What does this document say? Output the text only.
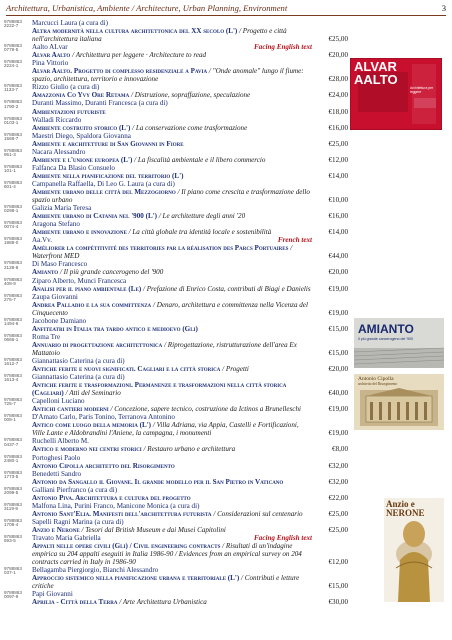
Architettura, Urbanistica, Ambiente / Architecture, Urban Planning, Environment	3
9788863
2222-7	Marcucci Laura (a cura di)
Altra modernità nella cultura architettonica del XX secolo (L') / Progetto e città nell'architettura italiana	€25,00
9788863
0778-5	Facing English text
Aalto ALvar
Alvar Aalto / Architettura per leggere · Architecture to read	€20,00
9788863
2224-1	Pina Vittorio
Alvar Aalto. Progetto di complesso residenziale a Pavia / "Onde anomale" lungo il fiume: spazio, architettura, territorio e innovazione	€28,00
9788863
1133-7	Rizzo Giulio (a cura di)
Amazzonia Co Yvy Ore Retama / Distruzione, sopraffazione, speculazione	€24,00
9788863
1790-2	Duranti Massimo, Duranti Francesca (a cura di)
Ambientazioni futuriste	€18,00
9788863
0103-1	Walladi Riccardo
Ambiente costruito storico (L') / La conservazione come trasformazione	€16,00
9788863
1568-7	Maestri Diego, Spaldora Giovanna
Ambiente e architetture di San Giovanni in Fiore	€25,00
9788863
951-3	Nacara Alessandro
Ambiente e l'unione europea (L') / La fiscalità ambientale e il libero commercio	€12,00
9788863
101-1	Falfanca Da Blasio Consuelo
Ambiente nella pianificazione del territorio (L')	€14,00
9788863
601-4	Campanella Raffaella, Di Leo G. Laura (a cura di)
Ambiente urbano delle città del Mezzogiorno / Il piano come crescita e trasformazione dello spazio urbano	€10,00
9788863
0298-1	Galizia Maria Teresa
Ambiente urbano di Catania nel '900 (L') / Le architetture degli anni '20	€16,00
9788863
0074-4	Aragona Stefano
Ambiente urbano e innovazione / La città globale tra identità locale e sostenibilità	€14,00
9788863
1988-0	French text
Aa.Vv.
Améliorer la compétitivité des territories par la réalisation des Parcs Portuaires / Waterfront MED	€44,00
9788863
2128-8	Di Maso Francesco
Amianto / Il più grande cancerogeno del '900	€20,00
9788863
408-9	Ziparo Alberto, Munci Francesca
Analisi per il piano ambientale (Le) / Prefazione di Enrico Costa, contributi di Biagi e Danielis	€19,00
9788863
275-7	Zaupa Giovanni
Andrea Palladio e la sua committenza / Denaro, architettura e committenza nella Vicenza del Cinquecento	€19,00
9788863
1494-6	Jacobone Damiano
Anfiteatri in Italia tra tardo antico e medioevo (Gli)	€15,00
9788863
0666-1	Roma Tre
Annuario di progettazione architettonica / Riprogettazione, ristrutturazione dell'area Ex Mattatoio	€15,00
9788863
1612-7	Giannattasio Caterina (a cura di)
Antiche ferite e nuovi significati. Cagliari e la città storica / Progetti	€20,00
9788863
1613-4	Giannattasio Caterina (a cura di)
Antiche ferite e trasformazioni. Permanenze e trasformazioni nella città storica (Cagliari) / Atti del Seminario	€40,00
9788863
725-7	Capelloni Luciano
Antichi cantieri moderni / Concezione, sapere tecnico, costruzione da Ictinos a Brunelleschi	€19,00
9788863
008-1	D'Amato Carlo, Paris Tonino, Terranova Antonino
Antico come luogo della memoria (L') / Villa Adriana, via Appia, Castelli e Fortificazioni, Ville Lante e Aldobrandini l'Aniene, la campagna, i monumenti	€19,00
9788863
0437-7	Ruchelli Alberto M.
Antico e moderno nei centri storici / Restauro urbano e architettura	€8,00
9788863
2480-1	Portoghesi Paolo
Antonio Cipolla architetto del Risorgimento	€32,00
9788863
1773-5	Benedetti Sandro
Antonio da Sangallo il Giovane. Il grande modello per il San Pietro in Vaticano	€32,00
9788863
2099-5	Galliani Pierfranco (a cura di)
Antonio Piva. Architettura e cultura del progetto	€22,00
9788863
3119-9	Malfona Lina, Purini Franco, Manicone Monica (a cura di)
Antonio Sant'Elia. Manifesti dell'architettura futurista / Considerazioni sul centenario	€25,00
9788863
1708-4	Sapelli Ragni Marina (a cura di)
Anzio e Nerone / Tesori dal British Museum e dai Musei Capitolini	€25,00
9788863
593-5	Facing English text
Travato Maria Gabriella
Appalti nelle opere civili (Gli) / Civil engineering contracts / Risultati di un'indagine empirica su 204 appalti eseguiti in Italia 1986-90 / Evidences from an empirical survey on 204 contracts carried in Italy in 1986-90	€12,00
9788863
037-1	Bellagamba Piergiorgio, Bianchi Alessandro
Approccio sistemico nella pianificazione urbana e territoriale (L') / Contributi e letture critiche	€15,00
9788863
0097-9	Papi Giovanni
Aprilia - Città della Terra / Arte Architettura Urbanistica	€30,00
ALVAR AALTO
Architettura per leggere
AMIANTO
Il più grande cancerogeno del '900
Antonio Cipolla
architetto del Risorgimento
Anzio e NERONE
